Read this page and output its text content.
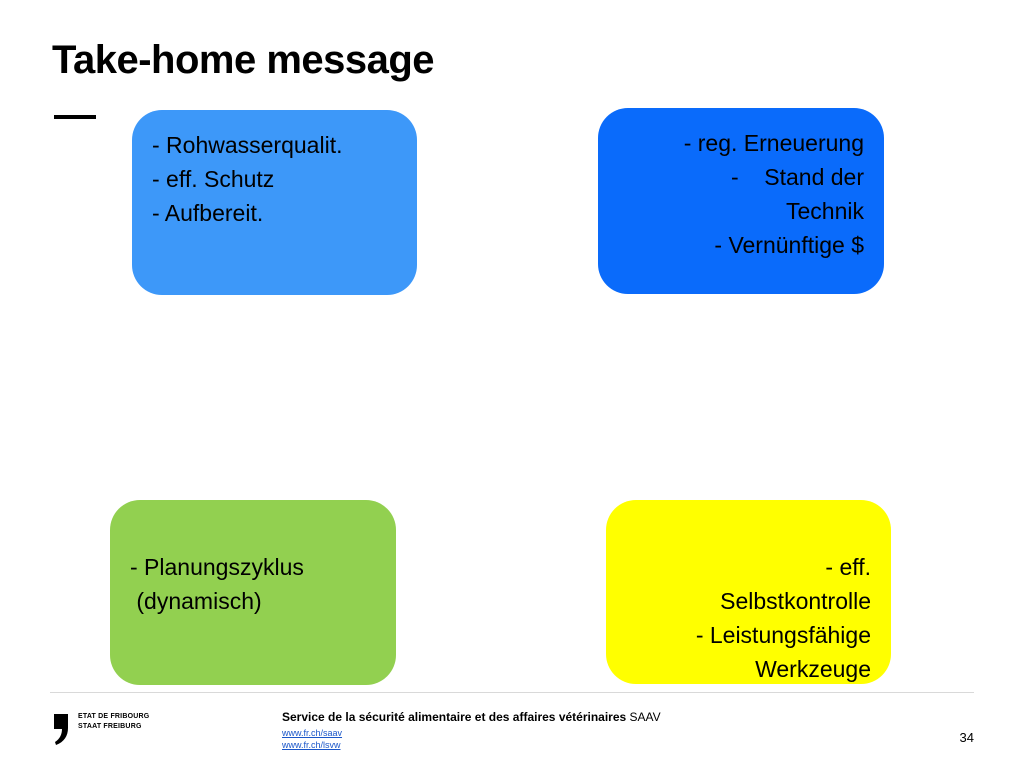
Take-home message
- Rohwasserqualit.
- eff. Schutz
- Aufbereit.
- reg. Erneuerung
-    Stand der
Technik
- Vernünftige $
- Planungszyklus
(dynamisch)
- eff.
Selbstkontrolle
- Leistungsfähige
Werkzeuge
ETAT DE FRIBOURG
STAAT FREIBURG
Service de la sécurité alimentaire et des affaires vétérinaires SAAV
www.fr.ch/saav
www.fr.ch/lsvw	34
